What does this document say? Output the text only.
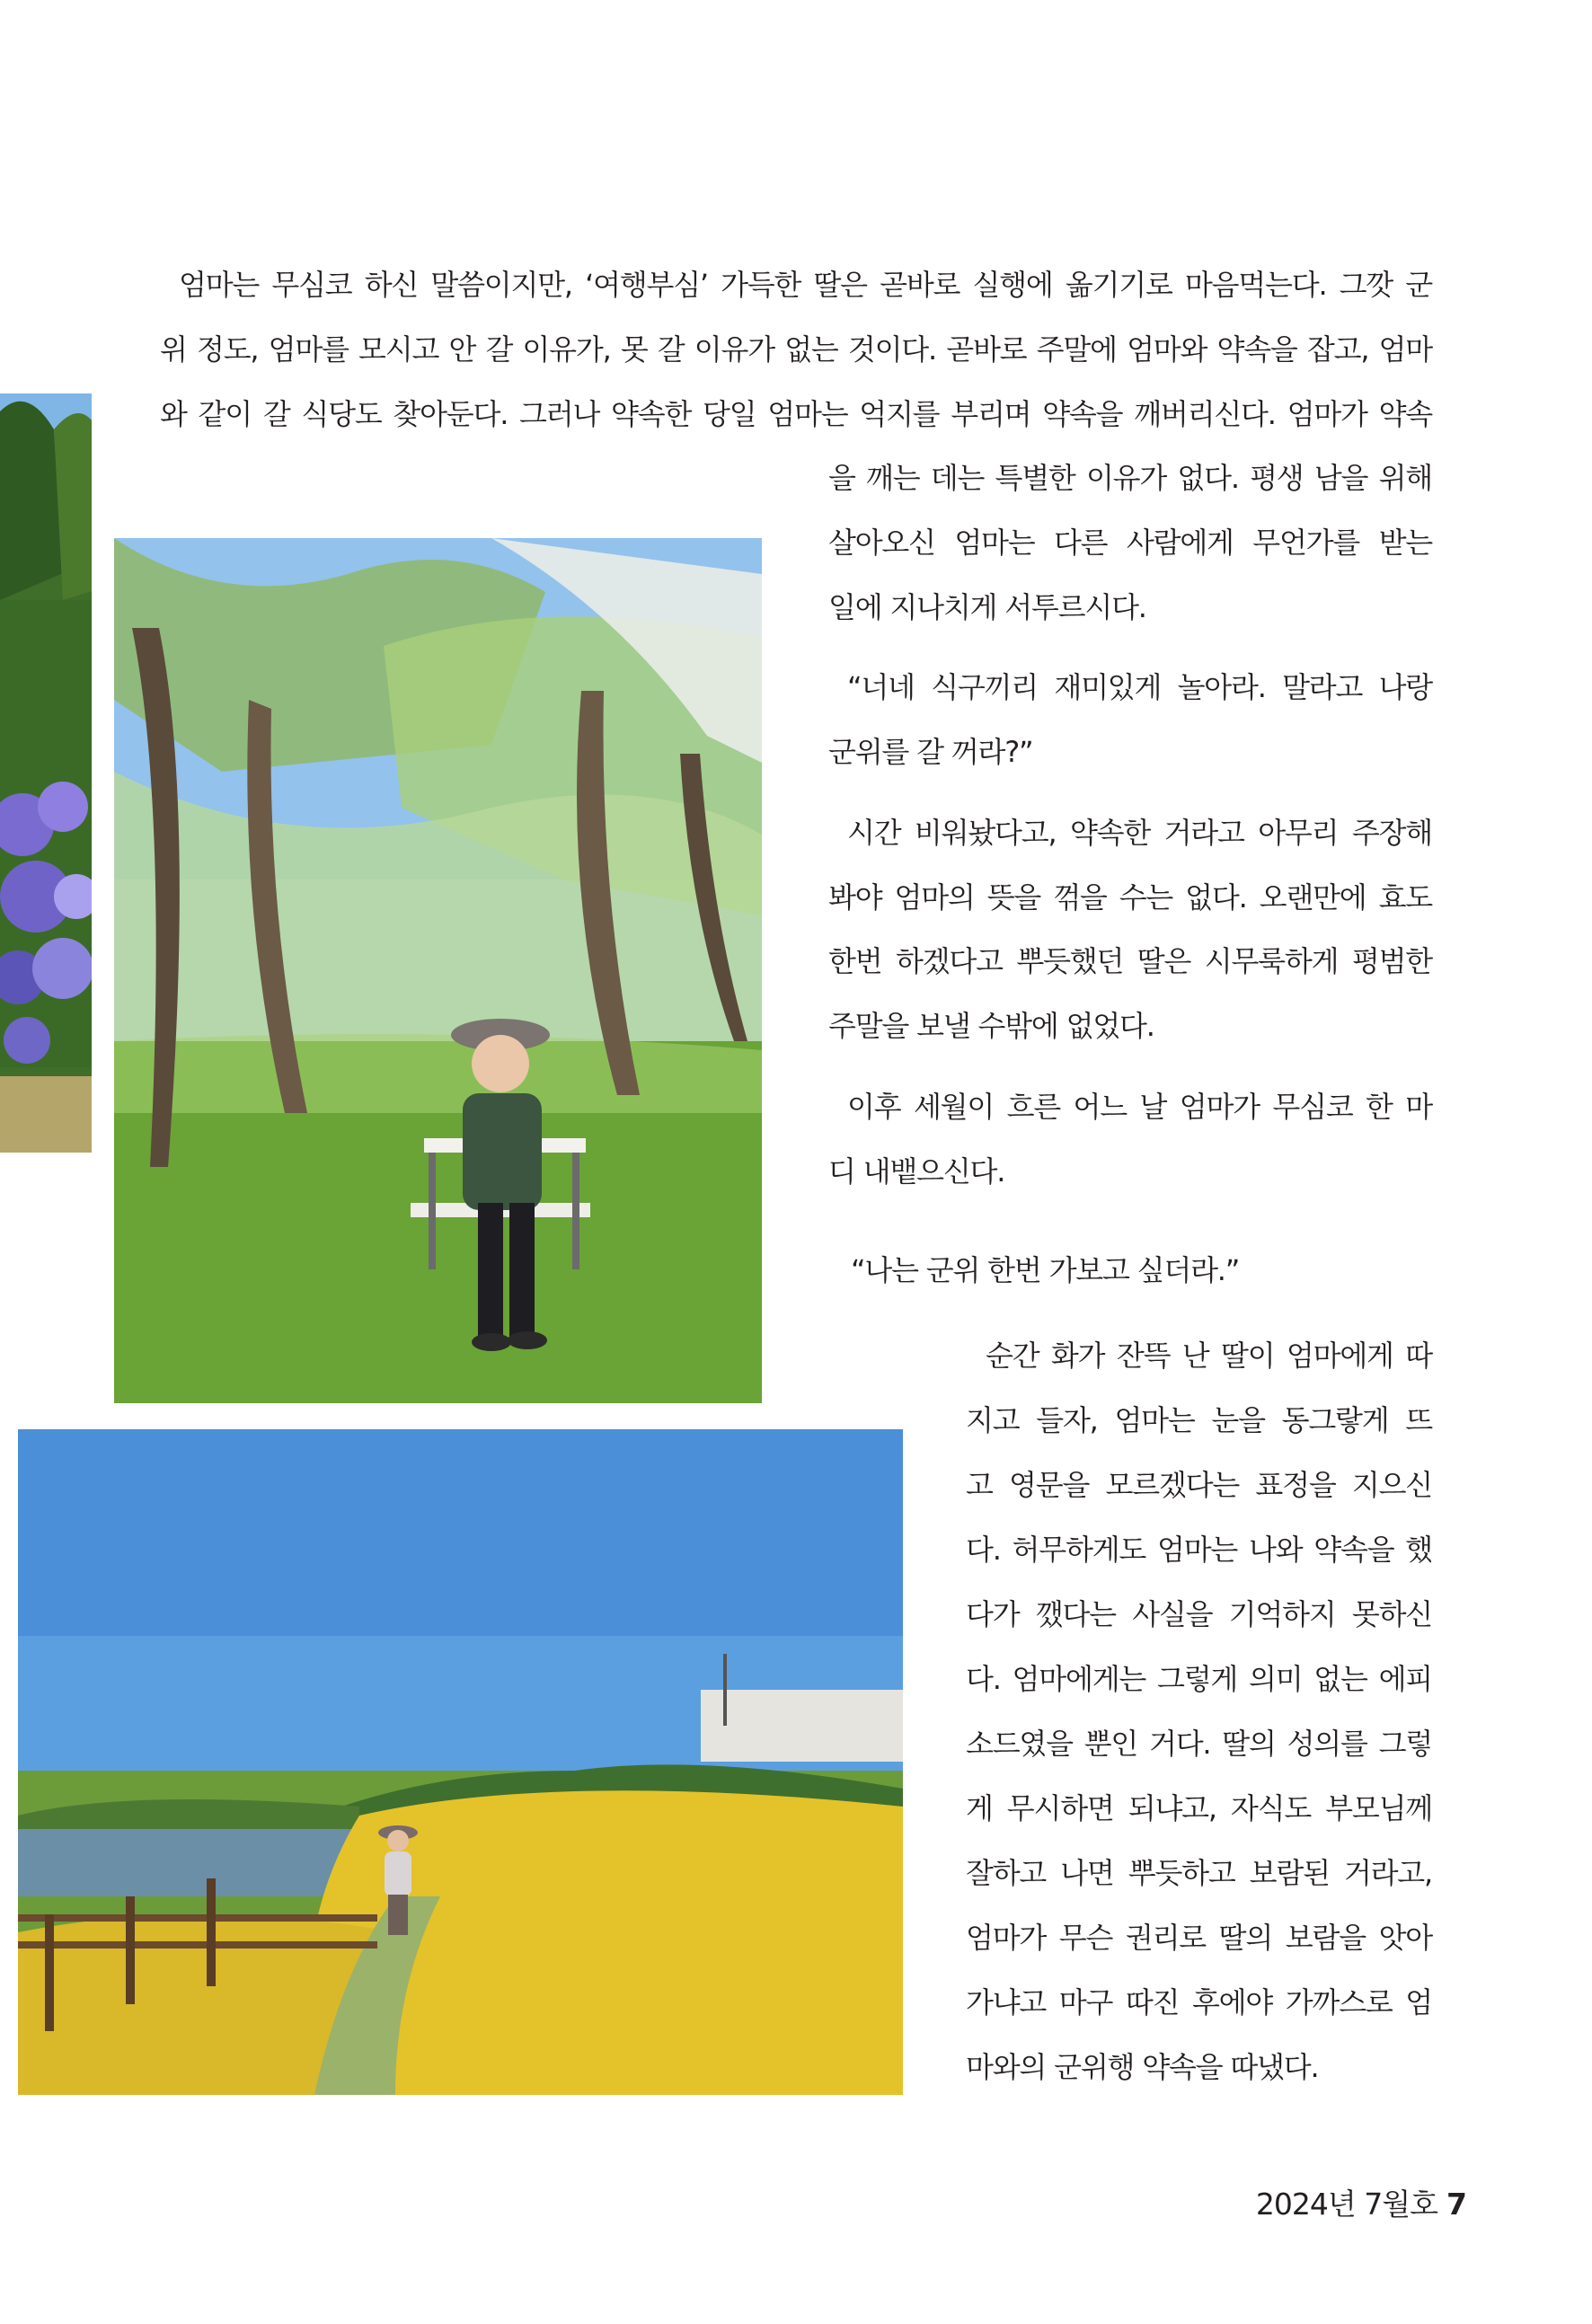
엄마는 무심코 하신 말씀이지만, ‘여행부심’ 가득한 딸은 곧바로 실행에 옮기기로 마음먹는다. 그깟 군
위 정도, 엄마를 모시고 안 갈 이유가, 못 갈 이유가 없는 것이다. 곧바로 주말에 엄마와 약속을 잡고, 엄마
와 같이 갈 식당도 찾아둔다. 그러나 약속한 당일 엄마는 억지를 부리며 약속을 깨버리신다. 엄마가 약속
을 깨는 데는 특별한 이유가 없다. 평생 남을 위해
살아오신 엄마는 다른 사람에게 무언가를 받는
일에 지나치게 서투르시다.
“너네 식구끼리 재미있게 놀아라. 말라고 나랑
군위를 갈 꺼라?”
시간 비워놨다고, 약속한 거라고 아무리 주장해
봐야 엄마의 뜻을 꺾을 수는 없다. 오랜만에 효도
한번 하겠다고 뿌듯했던 딸은 시무룩하게 평범한
주말을 보낼 수밖에 없었다.
이후 세월이 흐른 어느 날 엄마가 무심코 한 마
디 내뱉으신다.
“나는 군위 한번 가보고 싶더라.”
순간 화가 잔뜩 난 딸이 엄마에게 따
지고 들자, 엄마는 눈을 동그랗게 뜨
고 영문을 모르겠다는 표정을 지으신
다. 허무하게도 엄마는 나와 약속을 했
다가 깼다는 사실을 기억하지 못하신
다. 엄마에게는 그렇게 의미 없는 에피
소드였을 뿐인 거다. 딸의 성의를 그렇
게 무시하면 되냐고, 자식도 부모님께
잘하고 나면 뿌듯하고 보람된 거라고,
엄마가 무슨 권리로 딸의 보람을 앗아
가냐고 마구 따진 후에야 가까스로 엄
마와의 군위행 약속을 따냈다.
2024년 7월호 7
